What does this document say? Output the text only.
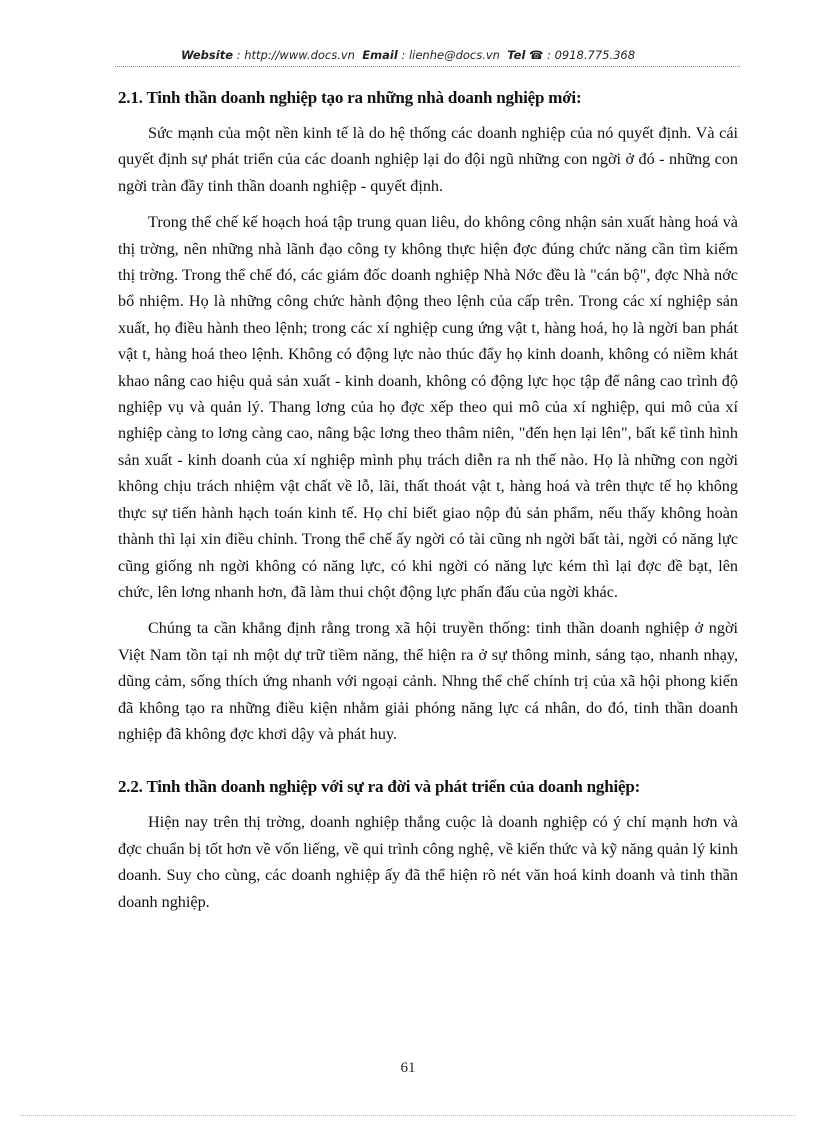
Website : http://www.docs.vn Email : lienhe@docs.vn Tel ☎ : 0918.775.368
2.1. Tinh thần doanh nghiệp tạo ra những nhà doanh nghiệp mới:

Sức mạnh của một nền kinh tế là do hệ thống các doanh nghiệp của nó quyết định. Và cái quyết định sự phát triển của các doanh nghiệp lại do đội ngũ những con ngời ở đó - những con ngời tràn đầy tinh thần doanh nghiệp - quyết định.

Trong thể chế kế hoạch hoá tập trung quan liêu, do không công nhận sản xuất hàng hoá và thị trờng, nên những nhà lãnh đạo công ty không thực hiện đợc đúng chức năng cần tìm kiếm thị trờng. Trong thể chế đó, các giám đốc doanh nghiệp Nhà Nớc đều là "cán bộ", đợc Nhà nớc bổ nhiệm. Họ là những công chức hành động theo lệnh của cấp trên. Trong các xí nghiệp sản xuất, họ điều hành theo lệnh; trong các xí nghiệp cung ứng vật t, hàng hoá, họ là ngời ban phát vật t, hàng hoá theo lệnh. Không có động lực nào thúc đẩy họ kinh doanh, không có niềm khát khao nâng cao hiệu quả sản xuất - kinh doanh, không có động lực học tập để nâng cao trình độ nghiệp vụ và quản lý. Thang lơng của họ đợc xếp theo qui mô của xí nghiệp, qui mô của xí nghiệp càng to lơng càng cao, nâng bậc lơng theo thâm niên, "đến hẹn lại lên", bất kể tình hình sản xuất - kinh doanh của xí nghiệp mình phụ trách diễn ra nh thế nào. Họ là những con ngời không chịu trách nhiệm vật chất về lỗ, lãi, thất thoát vật t, hàng hoá và trên thực tế họ không thực sự tiến hành hạch toán kinh tế. Họ chỉ biết giao nộp đủ sản phẩm, nếu thấy không hoàn thành thì lại xin điều chỉnh. Trong thể chế ấy ngời có tài cũng nh ngời bất tài, ngời có năng lực cũng giống nh ngời không có năng lực, có khi ngời có năng lực kém thì lại đợc đề bạt, lên chức, lên lơng nhanh hơn, đã làm thui chột động lực phấn đấu của ngời khác.

Chúng ta cần khẳng định rằng trong xã hội truyền thống: tinh thần doanh nghiệp ở ngời Việt Nam tồn tại nh một dự trữ tiềm năng, thể hiện ra ở sự thông minh, sáng tạo, nhanh nhạy, dũng cảm, sống thích ứng nhanh với ngoại cảnh. Nhng thể chế chính trị của xã hội phong kiến đã không tạo ra những điều kiện nhằm giải phóng năng lực cá nhân, do đó, tinh thần doanh nghiệp đã không đợc khơi dậy và phát huy.

2.2. Tinh thần doanh nghiệp với sự ra đời và phát triển của doanh nghiệp:

Hiện nay trên thị trờng, doanh nghiệp thắng cuộc là doanh nghiệp có ý chí mạnh hơn và đợc chuẩn bị tốt hơn về vốn liếng, về qui trình công nghệ, về kiến thức và kỹ năng quản lý kinh doanh. Suy cho cùng, các doanh nghiệp ấy đã thể hiện rõ nét văn hoá kinh doanh và tinh thần doanh nghiệp.

61
